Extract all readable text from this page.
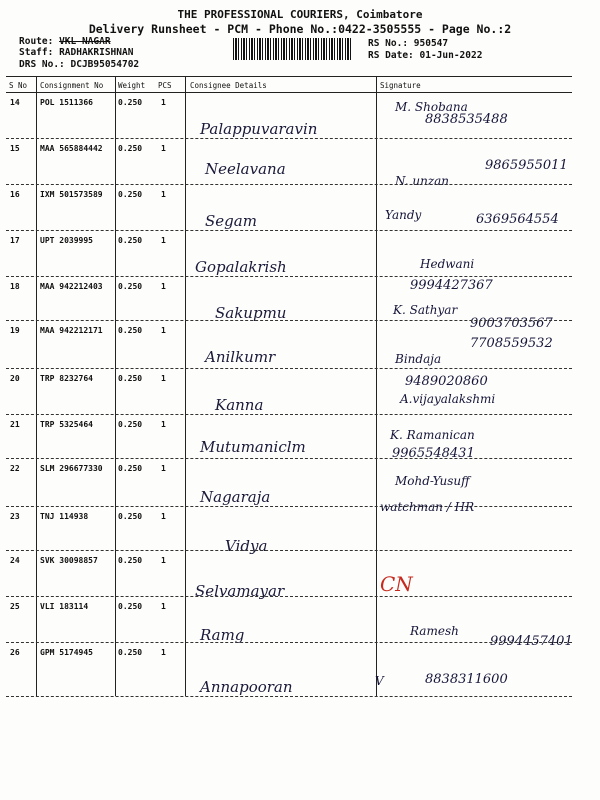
THE PROFESSIONAL COURIERS, Coimbatore
Delivery Runsheet - PCM - Phone No.:0422-3505555 - Page No.:2
Route: VKL NAGAR
Staff: RADHAKRISHNAN
DRS No.: DCJB95054702
RS No.: 950547
RS Date: 01-Jun-2022
S No Consignment No Weight PCS Consignee Details	Signature
14	POL 1511366	0.250 1
Palappuvaravin
M. Shobana
8838535488
15	MAA 565884442 0.250 1
Neelavana
N. unzan
9865955011
16	IXM 501573589 0.250 1
Segam	Yandy	6369564554
17	UPT 2039995	0.250 1
Gopalakrish	Hedwani
9994427367
18	MAA 942212403 0.250 1
Sakupmu	K. Sathyar
9003703567
19	MAA 942212171 0.250 1
Anilkumr	Bindaja
7708559532
20	TRP 8232764	0.250 1
Kanna	A.vijayalakshmi
9489020860
21	TRP 5325464	0.250 1
Mutumaniclm
K. Ramanican
9965548431
22	SLM 296677330 0.250 1
Nagaraja
Mohd-Yusuff
23	TNJ 114938	0.250 1
Vidya
watchman / HR
24	SVK 30098857	0.250 1
Selvamayar	CN
25	VLI 183114	0.250 1
Ramg	Ramesh
9994457401
26	GPM 5174945	0.250 1
Annapooran	V	8838311600
